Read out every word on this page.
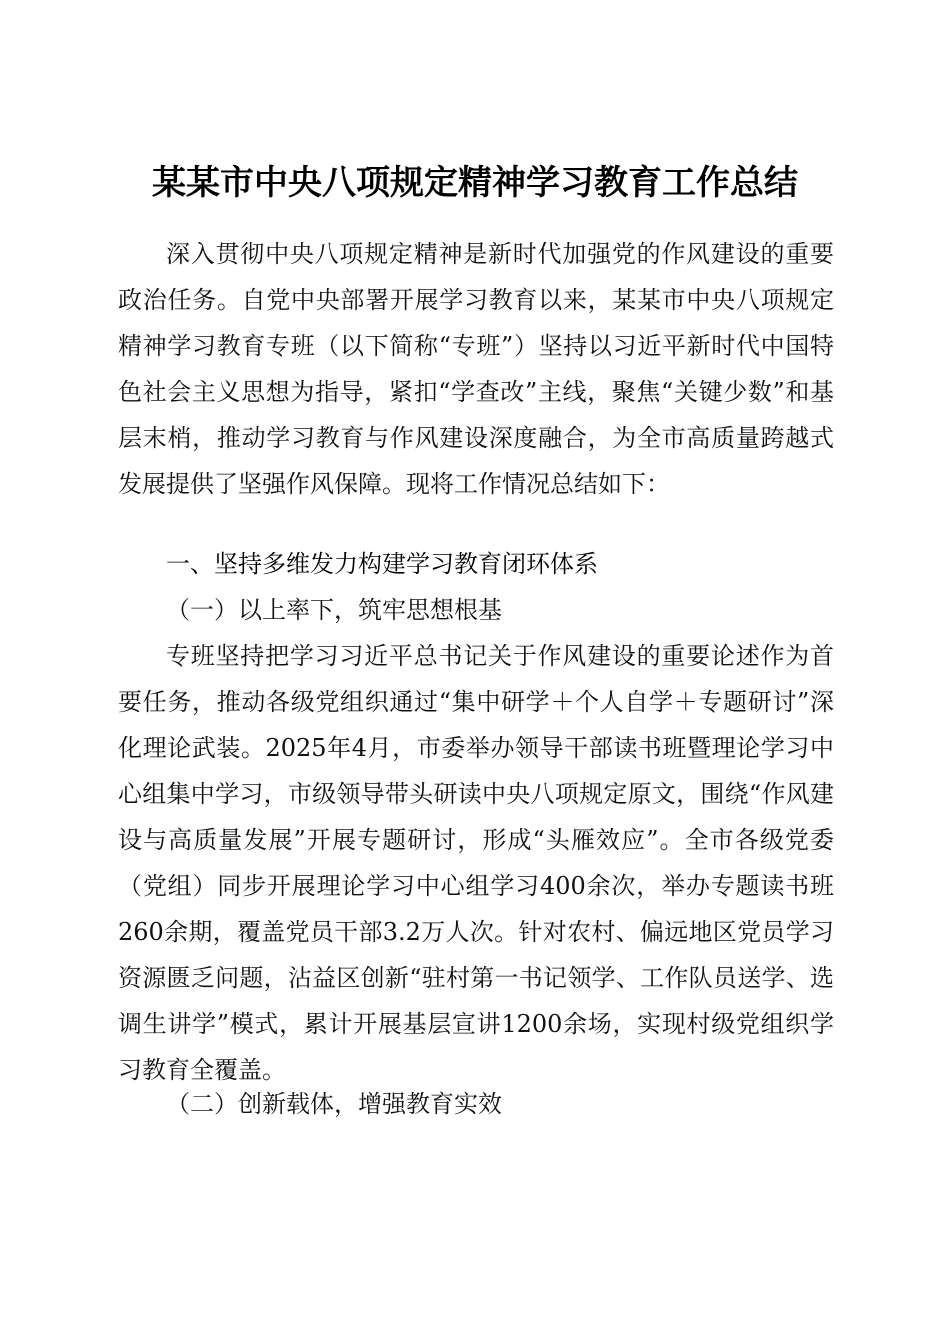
某某市中央八项规定精神学习教育工作总结

深入贯彻中央八项规定精神是新时代加强党的作风建设的重要政治任务。自党中央部署开展学习教育以来，某某市中央八项规定精神学习教育专班（以下简称“专班”）坚持以习近平新时代中国特色社会主义思想为指导，紧扣“学查改”主线，聚焦“关键少数”和基层末梢，推动学习教育与作风建设深度融合，为全市高质量跨越式发展提供了坚强作风保障。现将工作情况总结如下：

一、坚持多维发力构建学习教育闭环体系

（一）以上率下，筑牢思想根基

专班坚持把学习习近平总书记关于作风建设的重要论述作为首要任务，推动各级党组织通过“集中研学＋个人自学＋专题研讨”深化理论武装。2025年4月，市委举办领导干部读书班暨理论学习中心组集中学习，市级领导带头研读中央八项规定原文，围绕“作风建设与高质量发展”开展专题研讨，形成“头雁效应”。全市各级党委（党组）同步开展理论学习中心组学习400余次，举办专题读书班260余期，覆盖党员干部3.2万人次。针对农村、偏远地区党员学习资源匮乏问题，沾益区创新“驻村第一书记领学、工作队员送学、选调生讲学”模式，累计开展基层宣讲1200余场，实现村级党组织学习教育全覆盖。

（二）创新载体，增强教育实效
